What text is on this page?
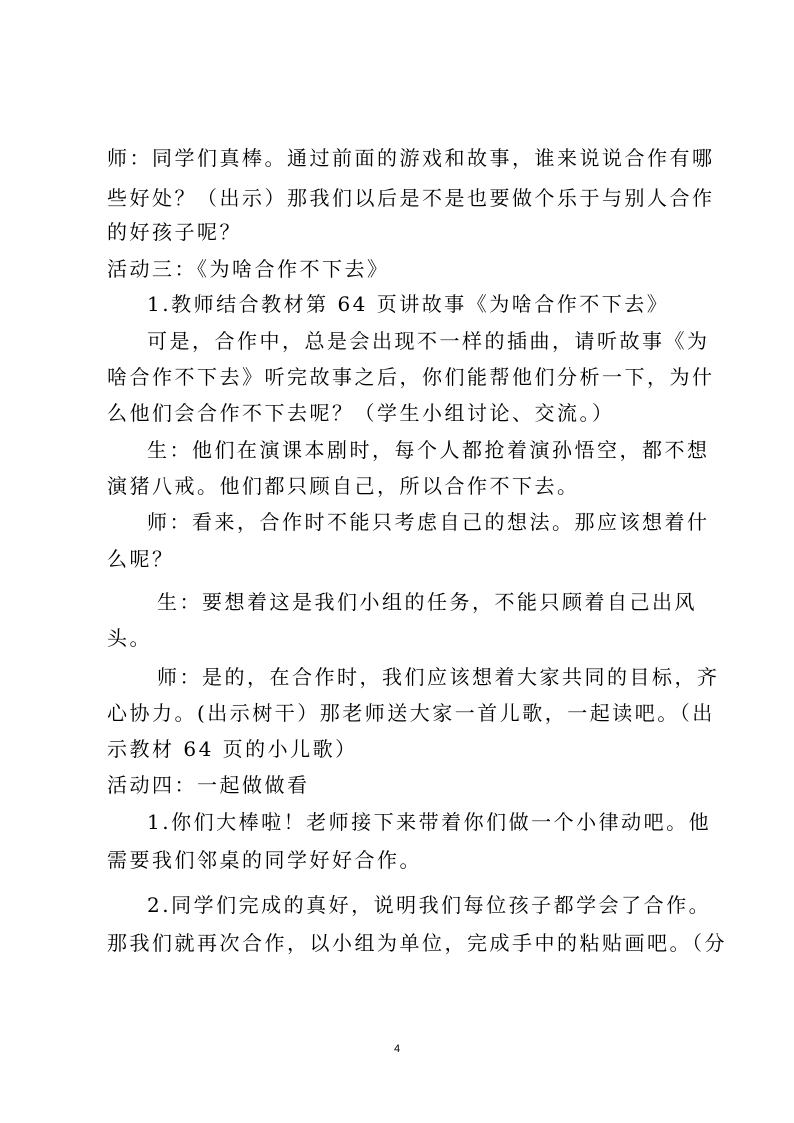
师：同学们真棒。通过前面的游戏和故事，谁来说说合作有哪
些好处？（出示）那我们以后是不是也要做个乐于与别人合作
的好孩子呢？
活动三：《为啥合作不下去》
1.教师结合教材第 64 页讲故事《为啥合作不下去》
可是，合作中，总是会出现不一样的插曲，请听故事《为
啥合作不下去》听完故事之后，你们能帮他们分析一下，为什
么他们会合作不下去呢？（学生小组讨论、交流。）
生：他们在演课本剧时，每个人都抢着演孙悟空，都不想
演猪八戒。他们都只顾自己，所以合作不下去。
师：看来，合作时不能只考虑自己的想法。那应该想着什
么呢？
生：要想着这是我们小组的任务，不能只顾着自己出风
头。
师：是的，在合作时，我们应该想着大家共同的目标，齐
心协力。(出示树干）那老师送大家一首儿歌，一起读吧。（出
示教材 64 页的小儿歌）
活动四：一起做做看
1.你们大棒啦！老师接下来带着你们做一个小律动吧。他
需要我们邻桌的同学好好合作。
2.同学们完成的真好，说明我们每位孩子都学会了合作。
那我们就再次合作，以小组为单位，完成手中的粘贴画吧。（分
4
